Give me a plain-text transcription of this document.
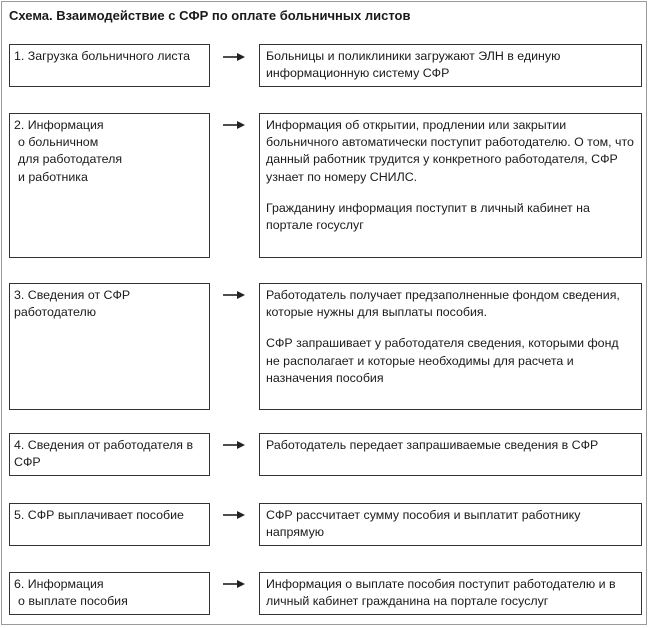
Схема. Взаимодействие с СФР по оплате больничных листов
1. Загрузка больничного листа	Больницы и поликлиники загружают ЭЛН в единую информационную систему СФР
2. Информация
о больничном
для работодателя
и работника
Информация об открытии, продлении или закрытии больничного автоматически поступит работодателю. О том, что данный работник трудится у конкретного работодателя, СФР узнает по номеру СНИЛС.
Гражданину информация поступит в личный кабинет на портале госуслуг
3. Сведения от СФР работодателю
Работодатель получает предзаполненные фондом сведения, которые нужны для выплаты пособия.
СФР запрашивает у работодателя сведения, которыми фонд не располагает и которые необходимы для расчета и назначения пособия
4. Сведения от работодателя в СФР
Работодатель передает запрашиваемые сведения в СФР
5. СФР выплачивает пособие	СФР рассчитает сумму пособия и выплатит работнику напрямую
6. Информация
о выплате пособия
Информация о выплате пособия поступит работодателю и в личный кабинет гражданина на портале госуслуг
